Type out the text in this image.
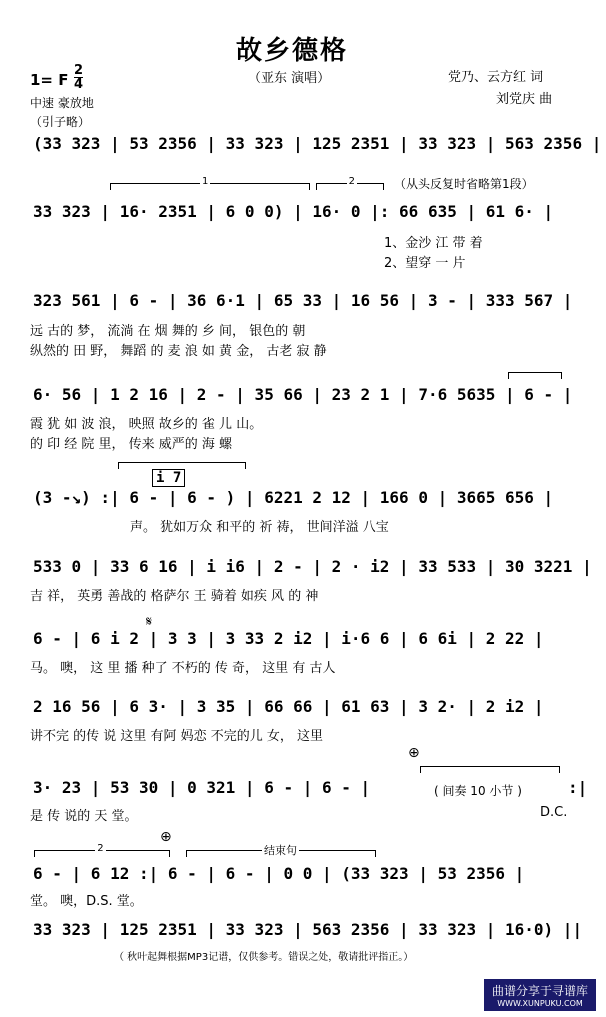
故乡德格
（亚东 演唱）	党乃、云方红 词
刘党庆 曲
1= F $\frac{2}{4}$
中速 豪放地
（引子略）
(33 323 | 53 2356 | 33 323 | 125 2351 | 33 323 | 563 2356 |
1	2	（从头反复时省略第1段）
33 323 | 16· 2351 | 6 0 0) | 16· 0 |: 66 635 | 61 6· |
1、金沙 江 带 着
2、望穿 一 片
323 561 | 6 - | 36 6·1 | 65 33 | 16 56 | 3 - | 333 567 |
远 古的 梦， 流淌 在 烟 舞的 乡 间， 银色的 朝
纵然的 田 野， 舞蹈 的 麦 浪 如 黄 金， 古老 寂 静
6· 56 | 1 2 16 | 2 - | 35 66 | 23 2 1 | 7·6 5635 | 6 - |
霞 犹 如 波 浪， 映照 故乡的 雀 儿 山。
的 印 经 院 里， 传来 威严的 海 螺
i 7
(3 -↘) :| 6 - | 6 - ) | 6221 2 12 | 166 0 | 3665 656 |
声。 犹如万众 和平的 祈 祷， 世间洋溢 八宝
533 0 | 33 6 16 | i i6 | 2 - | 2 · i2 | 33 533 | 30 3221 |
吉 祥， 英勇 善战的 格萨尔 王 骑着 如疾 风 的 神
𝄋
6 - | 6 i 2 | 3 3 | 3 33 2 i2 | i·6 6 | 6 6i | 2 22 |
马。 噢， 这 里 播 种了 不朽的 传 奇， 这里 有 古人
2 16 56 | 6 3· | 3 35 | 66 66 | 61 63 | 3 2· | 2 i2 |
讲不完 的传 说 这里 有阿 妈恋 不完的儿 女， 这里
⊕
3· 23 | 53 30 | 0 321 | 6 - | 6 - |	( 间奏 10 小节 )	:|
是 传 说的 天 堂。	D.C.
⊕
2	结束句
6 - | 6 12 :| 6 - | 6 - | 0 0 | (33 323 | 53 2356 |
堂。 噢，D.S. 堂。
33 323 | 125 2351 | 33 323 | 563 2356 | 33 323 | 16·0) ||
（ 秋叶起舞根据MP3记谱，仅供参考。错误之处，敬请批评指正。）
曲谱分享于寻谱库
WWW.XUNPUKU.COM
